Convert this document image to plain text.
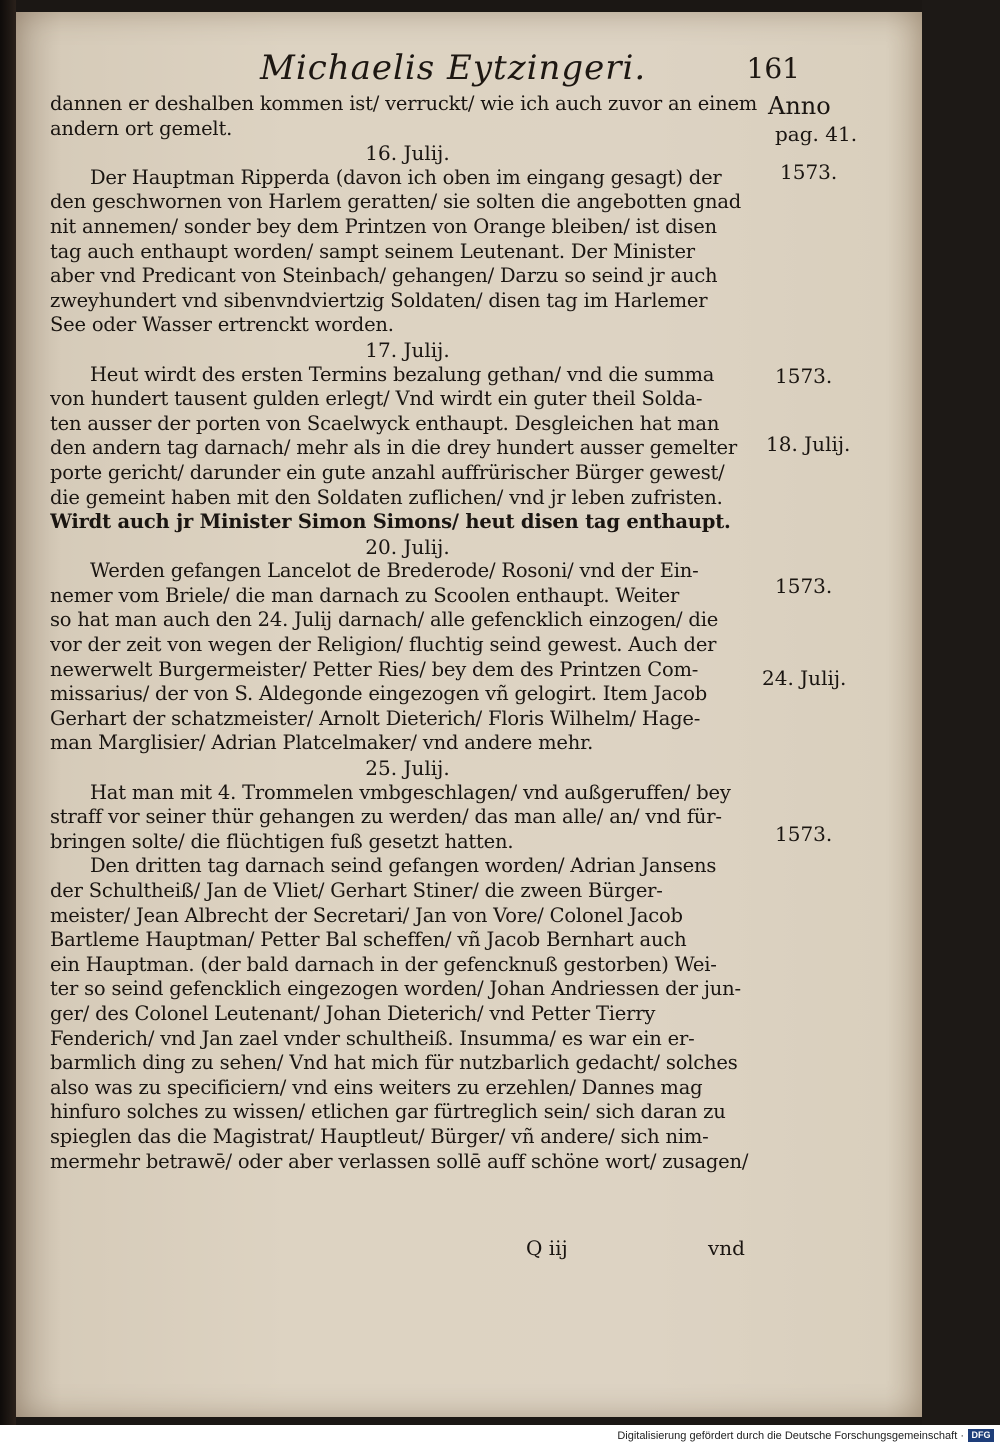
Michaelis Eytzingeri.	161
dannen er deshalben kommen ist/ verruckt/ wie ich auch zuvor an einem
andern ort gemelt.
16. Julij.
Der Hauptman Ripperda (davon ich oben im eingang gesagt) der
den geschwornen von Harlem geratten/ sie solten die angebotten gnad
nit annemen/ sonder bey dem Printzen von Orange bleiben/ ist disen
tag auch enthaupt worden/ sampt seinem Leutenant. Der Minister
aber vnd Predicant von Steinbach/ gehangen/ Darzu so seind jr auch
zweyhundert vnd sibenvndviertzig Soldaten/ disen tag im Harlemer
See oder Wasser ertrenckt worden.
17. Julij.
Heut wirdt des ersten Termins bezalung gethan/ vnd die summa
von hundert tausent gulden erlegt/ Vnd wirdt ein guter theil Solda-
ten ausser der porten von Scaelwyck enthaupt. Desgleichen hat man
den andern tag darnach/ mehr als in die drey hundert ausser gemelter
porte gericht/ darunder ein gute anzahl auffrürischer Bürger gewest/
die gemeint haben mit den Soldaten zuflichen/ vnd jr leben zufristen.
Wirdt auch jr Minister Simon Simons/ heut disen tag enthaupt.
20. Julij.
Werden gefangen Lancelot de Brederode/ Rosoni/ vnd der Ein-
nemer vom Briele/ die man darnach zu Scoolen enthaupt. Weiter
so hat man auch den 24. Julij darnach/ alle gefencklich einzogen/ die
vor der zeit von wegen der Religion/ fluchtig seind gewest. Auch der
newerwelt Burgermeister/ Petter Ries/ bey dem des Printzen Com-
missarius/ der von S. Aldegonde eingezogen vñ gelogirt. Item Jacob
Gerhart der schatzmeister/ Arnolt Dieterich/ Floris Wilhelm/ Hage-
man Marglisier/ Adrian Platcelmaker/ vnd andere mehr.
25. Julij.
Hat man mit 4. Trommelen vmbgeschlagen/ vnd außgeruffen/ bey
straff vor seiner thür gehangen zu werden/ das man alle/ an/ vnd für-
bringen solte/ die flüchtigen fuß gesetzt hatten.
Den dritten tag darnach seind gefangen worden/ Adrian Jansens
der Schultheiß/ Jan de Vliet/ Gerhart Stiner/ die zween Bürger-
meister/ Jean Albrecht der Secretari/ Jan von Vore/ Colonel Jacob
Bartleme Hauptman/ Petter Bal scheffen/ vñ Jacob Bernhart auch
ein Hauptman. (der bald darnach in der gefencknuß gestorben) Wei-
ter so seind gefencklich eingezogen worden/ Johan Andriessen der jun-
ger/ des Colonel Leutenant/ Johan Dieterich/ vnd Petter Tierry
Fenderich/ vnd Jan zael vnder schultheiß. Insumma/ es war ein er-
barmlich ding zu sehen/ Vnd hat mich für nutzbarlich gedacht/ solches
also was zu specificiern/ vnd eins weiters zu erzehlen/ Dannes mag
hinfuro solches zu wissen/ etlichen gar fürtreglich sein/ sich daran zu
spieglen das die Magistrat/ Hauptleut/ Bürger/ vñ andere/ sich nim-
mermehr betrawē/ oder aber verlassen sollē auff schöne wort/ zusagen/
Anno
pag. 41.
1573.
1573.
18. Julij.
1573.
24. Julij.
1573.
Q iij	vnd
Digitalisierung gefördert durch die Deutsche Forschungsgemeinschaft · DFG
